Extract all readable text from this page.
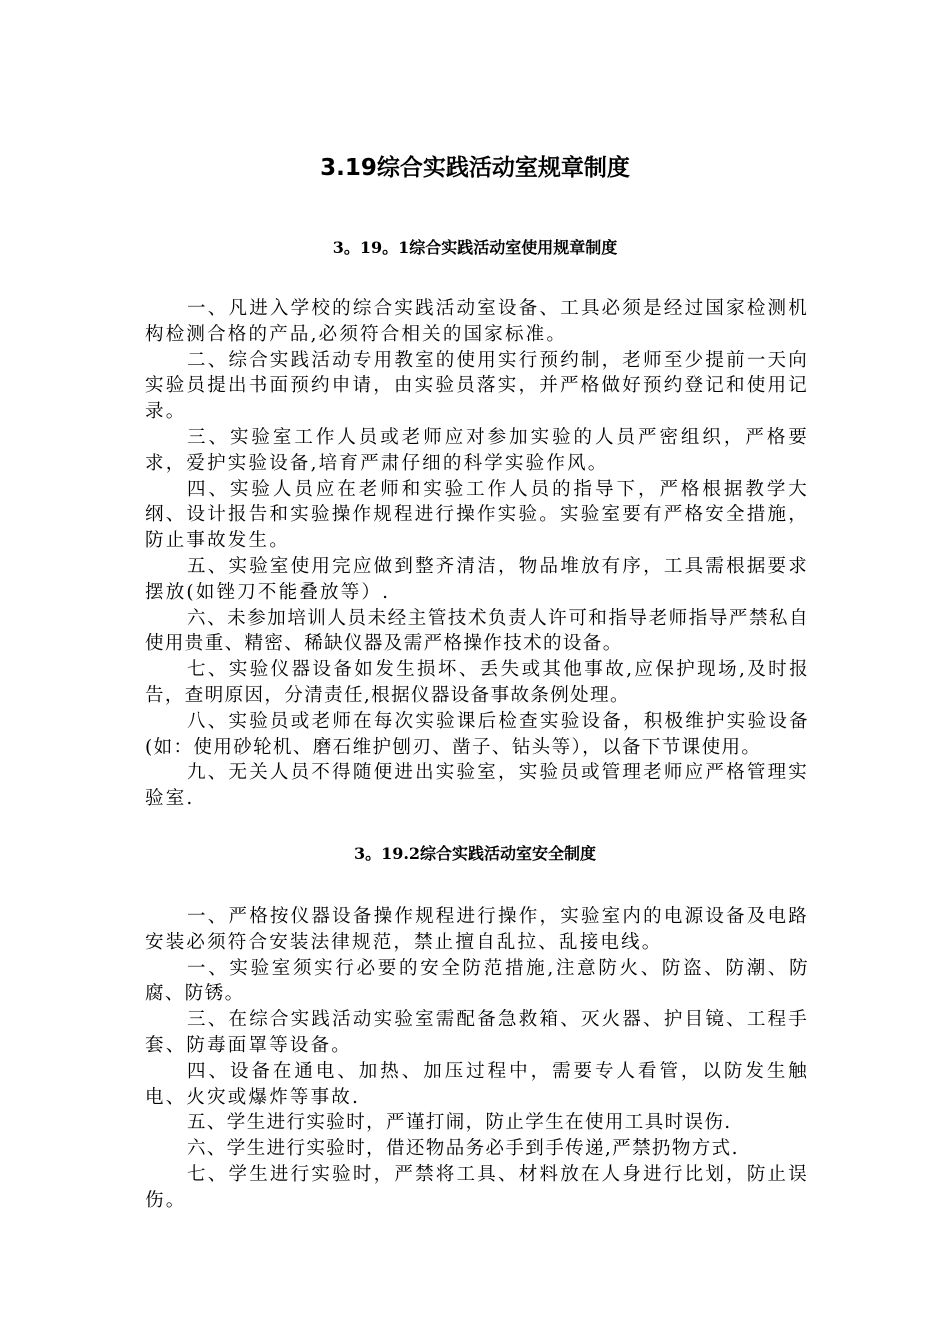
3.19综合实践活动室规章制度
3。19。1综合实践活动室使用规章制度

一、凡进入学校的综合实践活动室设备、工具必须是经过国家检测机构检测合格的产品,必须符合相关的国家标准。

二、综合实践活动专用教室的使用实行预约制，老师至少提前一天向实验员提出书面预约申请，由实验员落实，并严格做好预约登记和使用记录。

三、实验室工作人员或老师应对参加实验的人员严密组织，严格要求，爱护实验设备,培育严肃仔细的科学实验作风。

四、实验人员应在老师和实验工作人员的指导下，严格根据教学大纲、设计报告和实验操作规程进行操作实验。实验室要有严格安全措施，防止事故发生。

五、实验室使用完应做到整齐清洁，物品堆放有序，工具需根据要求摆放(如锉刀不能叠放等）.

六、未参加培训人员未经主管技术负责人许可和指导老师指导严禁私自使用贵重、精密、稀缺仪器及需严格操作技术的设备。

七、实验仪器设备如发生损坏、丢失或其他事故,应保护现场,及时报告，查明原因，分清责任,根据仪器设备事故条例处理。

八、实验员或老师在每次实验课后检查实验设备，积极维护实验设备(如：使用砂轮机、磨石维护刨刃、凿子、钻头等），以备下节课使用。

九、无关人员不得随便进出实验室，实验员或管理老师应严格管理实验室.

3。19.2综合实践活动室安全制度

一、严格按仪器设备操作规程进行操作，实验室内的电源设备及电路安装必须符合安装法律规范，禁止擅自乱拉、乱接电线。

一、实验室须实行必要的安全防范措施,注意防火、防盗、防潮、防腐、防锈。

三、在综合实践活动实验室需配备急救箱、灭火器、护目镜、工程手套、防毒面罩等设备。

四、设备在通电、加热、加压过程中，需要专人看管，以防发生触电、火灾或爆炸等事故.

五、学生进行实验时，严谨打闹，防止学生在使用工具时误伤.

六、学生进行实验时，借还物品务必手到手传递,严禁扔物方式.

七、学生进行实验时，严禁将工具、材料放在人身进行比划，防止误伤。
